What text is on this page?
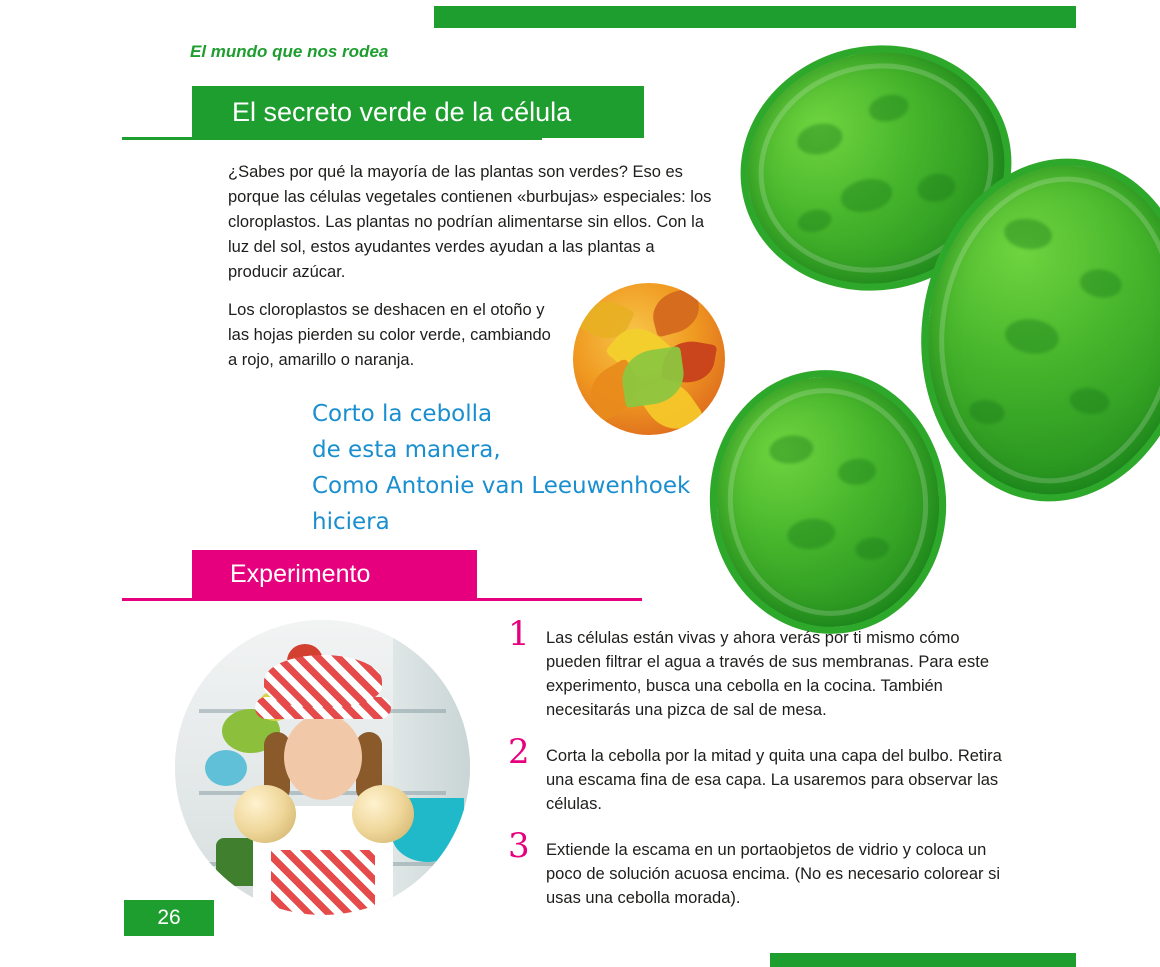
El mundo que nos rodea
El secreto verde de la célula
¿Sabes por qué la mayoría de las plantas son verdes? Eso es porque las células vegetales contienen «burbujas» especiales: los cloroplastos. Las plantas no podrían alimentarse sin ellos. Con la luz del sol, estos ayudantes verdes ayudan a las plantas a producir azúcar.
Los cloroplastos se deshacen en el otoño y las hojas pierden su color verde, cambiando a rojo, amarillo o naranja.
Corto la cebolla
de esta manera,
Como Antonie van Leeuwenhoek
hiciera
Experimento
1 Las células están vivas y ahora verás por ti mismo cómo pueden filtrar el agua a través de sus membranas. Para este experimento, busca una cebolla en la cocina. También necesitarás una pizca de sal de mesa.
2 Corta la cebolla por la mitad y quita una capa del bulbo. Retira una escama fina de esa capa. La usaremos para observar las células.
3 Extiende la escama en un portaobjetos de vidrio y coloca un poco de solución acuosa encima. (No es necesario colorear si usas una cebolla morada).
26
